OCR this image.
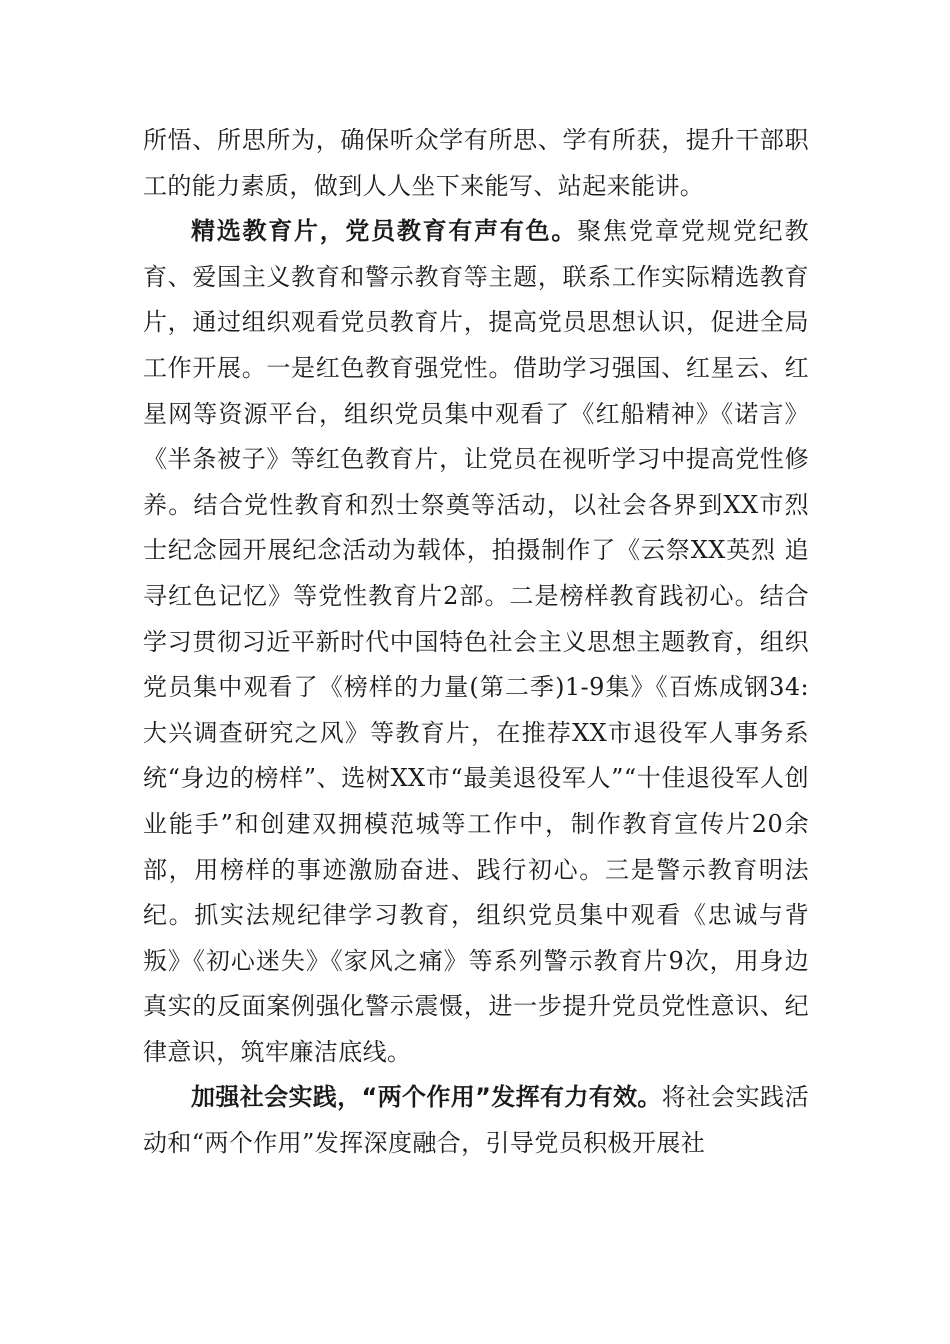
所悟、所思所为，确保听众学有所思、学有所获，提升干部职工的能力素质，做到人人坐下来能写、站起来能讲。

精选教育片，党员教育有声有色。聚焦党章党规党纪教育、爱国主义教育和警示教育等主题，联系工作实际精选教育片，通过组织观看党员教育片，提高党员思想认识，促进全局工作开展。一是红色教育强党性。借助学习强国、红星云、红星网等资源平台，组织党员集中观看了《红船精神》《诺言》《半条被子》等红色教育片，让党员在视听学习中提高党性修养。结合党性教育和烈士祭奠等活动，以社会各界到XX市烈士纪念园开展纪念活动为载体，拍摄制作了《云祭XX英烈 追寻红色记忆》等党性教育片2部。二是榜样教育践初心。结合学习贯彻习近平新时代中国特色社会主义思想主题教育，组织党员集中观看了《榜样的力量(第二季)1-9集》《百炼成钢34:大兴调查研究之风》等教育片，在推荐XX市退役军人事务系统“身边的榜样”、选树XX市“最美退役军人”“十佳退役军人创业能手”和创建双拥模范城等工作中，制作教育宣传片20余部，用榜样的事迹激励奋进、践行初心。三是警示教育明法纪。抓实法规纪律学习教育，组织党员集中观看《忠诚与背叛》《初心迷失》《家风之痛》等系列警示教育片9次，用身边真实的反面案例强化警示震慑，进一步提升党员党性意识、纪律意识，筑牢廉洁底线。

加强社会实践，“两个作用”发挥有力有效。将社会实践活动和“两个作用”发挥深度融合，引导党员积极开展社
